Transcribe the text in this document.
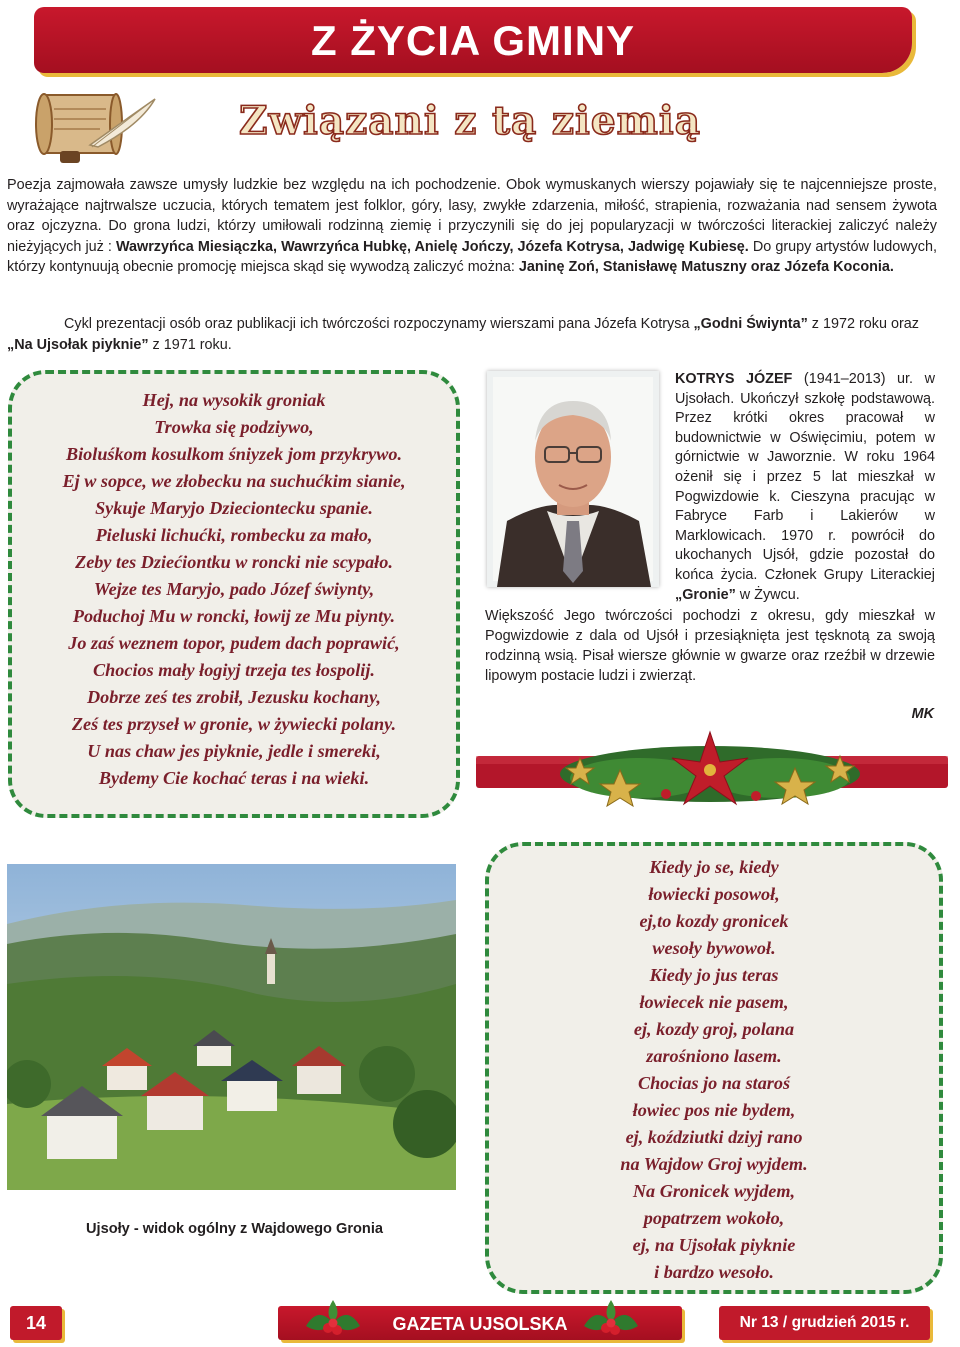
Z ŻYCIA GMINY
Związani z tą ziemią

Poezja zajmowała zawsze umysły ludzkie bez względu na ich pochodzenie. Obok wymuskanych wierszy pojawiały się te najcenniejsze proste, wyrażające najtrwalsze uczucia, których tematem jest folklor, góry, lasy, zwykłe zdarzenia, miłość, strapienia, rozważania nad sensem żywota oraz ojczyzna. Do grona ludzi, którzy umiłowali rodzinną ziemię i przyczynili się do jej popularyzacji w twórczości literackiej zaliczyć należy nieżyjących już : Wawrzyńca Miesiączka, Wawrzyńca Hubkę, Anielę Jończy, Józefa Kotrysa, Jadwigę Kubiesę. Do grupy artystów ludowych, którzy kontynuują obecnie promocję miejsca skąd się wywodzą zaliczyć można: Janinę Zoń, Stanisławę Matuszny oraz Józefa Koconia.

Cykl prezentacji osób oraz publikacji ich twórczości rozpoczynamy wierszami pana Józefa Kotrysa „Godni Świynta” z 1972 roku oraz „Na Ujsołak piyknie” z 1971 roku.

Hej, na wysokik groniak
Trowka się podziywo,
Bioluśkom kosulkom śniyzek jom przykrywo.
Ej w sopce, we złobecku na suchućkim sianie,
Sykuje Maryjo Dzieciontecku spanie.
Pieluski lichućki, rombecku za mało,
Zeby tes Dziećiontku w roncki nie scypało.
Wejze tes Maryjo, pado Józef świynty,
Poduchoj Mu w roncki, łowij ze Mu piynty.
Jo zaś weznem topor, pudem dach poprawić,
Chocios mały łogiyj trzeja tes łospolij.
Dobrze ześ tes zrobił, Jezusku kochany,
Ześ tes przyseł w gronie, w żywiecki polany.
U nas chaw jes piyknie, jedle i smereki,
Bydemy Cie kochać teras i na wieki.

KOTRYS JÓZEF (1941–2013) ur. w Ujsołach. Ukończył szkołę podstawową. Przez krótki okres pracował w budownictwie w Oświęcimiu, potem w górnictwie w Jaworznie. W roku 1964 ożenił się i przez 5 lat mieszkał w Pogwizdowie k. Cieszyna pracując w Fabryce Farb i Lakierów w Marklowicach. 1970 r. powrócił do ukochanych Ujsół, gdzie pozostał do końca życia. Członek Grupy Literackiej „Gronie” w Żywcu.

Większość Jego twórczości pochodzi z okresu, gdy mieszkał w Pogwizdowie z dala od Ujsół i przesiąknięta jest tęsknotą za swoją rodzinną wsią. Pisał wiersze głównie w gwarze oraz rzeźbił w drzewie lipowym postacie ludzi i zwierząt.

MK
Ujsoły - widok ogólny z Wajdowego Gronia
Kiedy jo se, kiedy
łowiecki posowoł,
ej,to kozdy gronicek
wesoły bywowoł.
Kiedy jo jus teras
łowiecek nie pasem,
ej, kozdy groj, polana
zarośniono lasem.
Chocias jo na staroś
łowiec pos nie bydem,
ej, koździutki dziyj rano
na Wajdow Groj wyjdem.
Na Gronicek wyjdem,
popatrzem wokoło,
ej, na Ujsołak piyknie
i bardzo wesoło.
14	GAZETA UJSOLSKA	Nr 13 / grudzień 2015 r.
